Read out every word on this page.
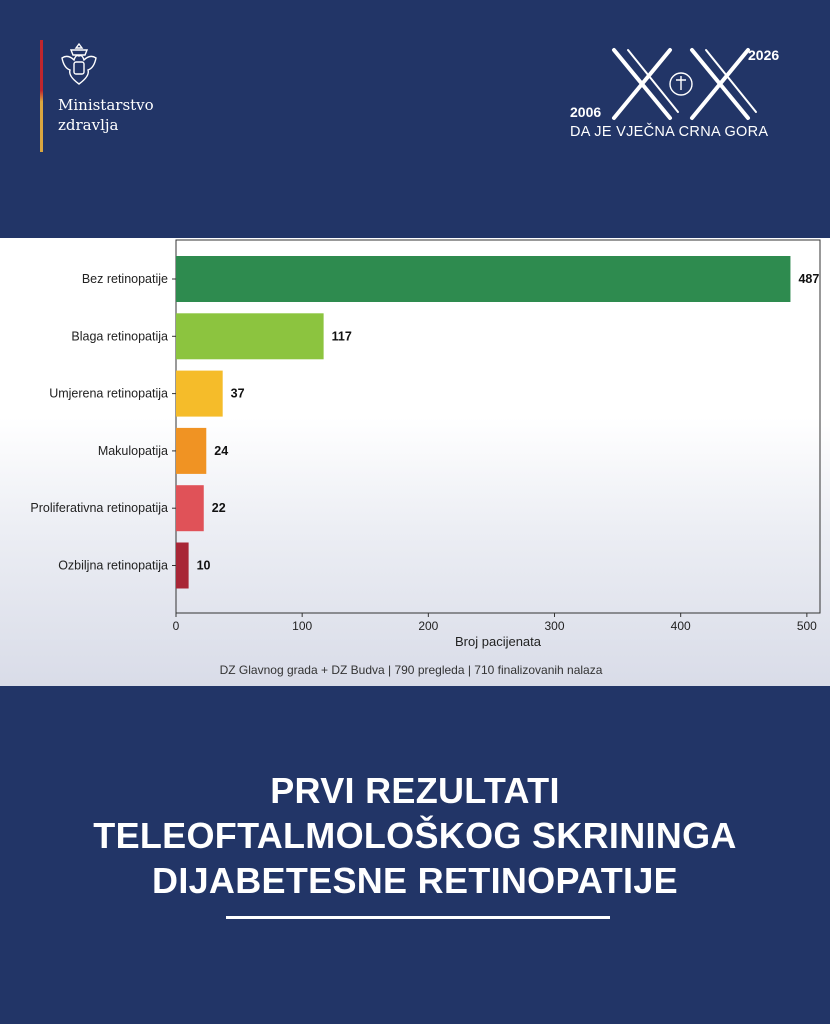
Ministarstvo
zdravlja
2006
2026
DA JE VJEČNA CRNA GORA
Bez retinopatije	487
Blaga retinopatija	117
Umjerena retinopatija	37
Makulopatija	24
Proliferativna retinopatija	22
Ozbiljna retinopatija 10
0	100	200	300	400	500
Broj pacijenata
DZ Glavnog grada + DZ Budva | 790 pregleda | 710 finalizovanih nalaza
PRVI REZULTATI
TELEOFTALMOLOŠKOG SKRININGA
DIJABETESNE RETINOPATIJE
